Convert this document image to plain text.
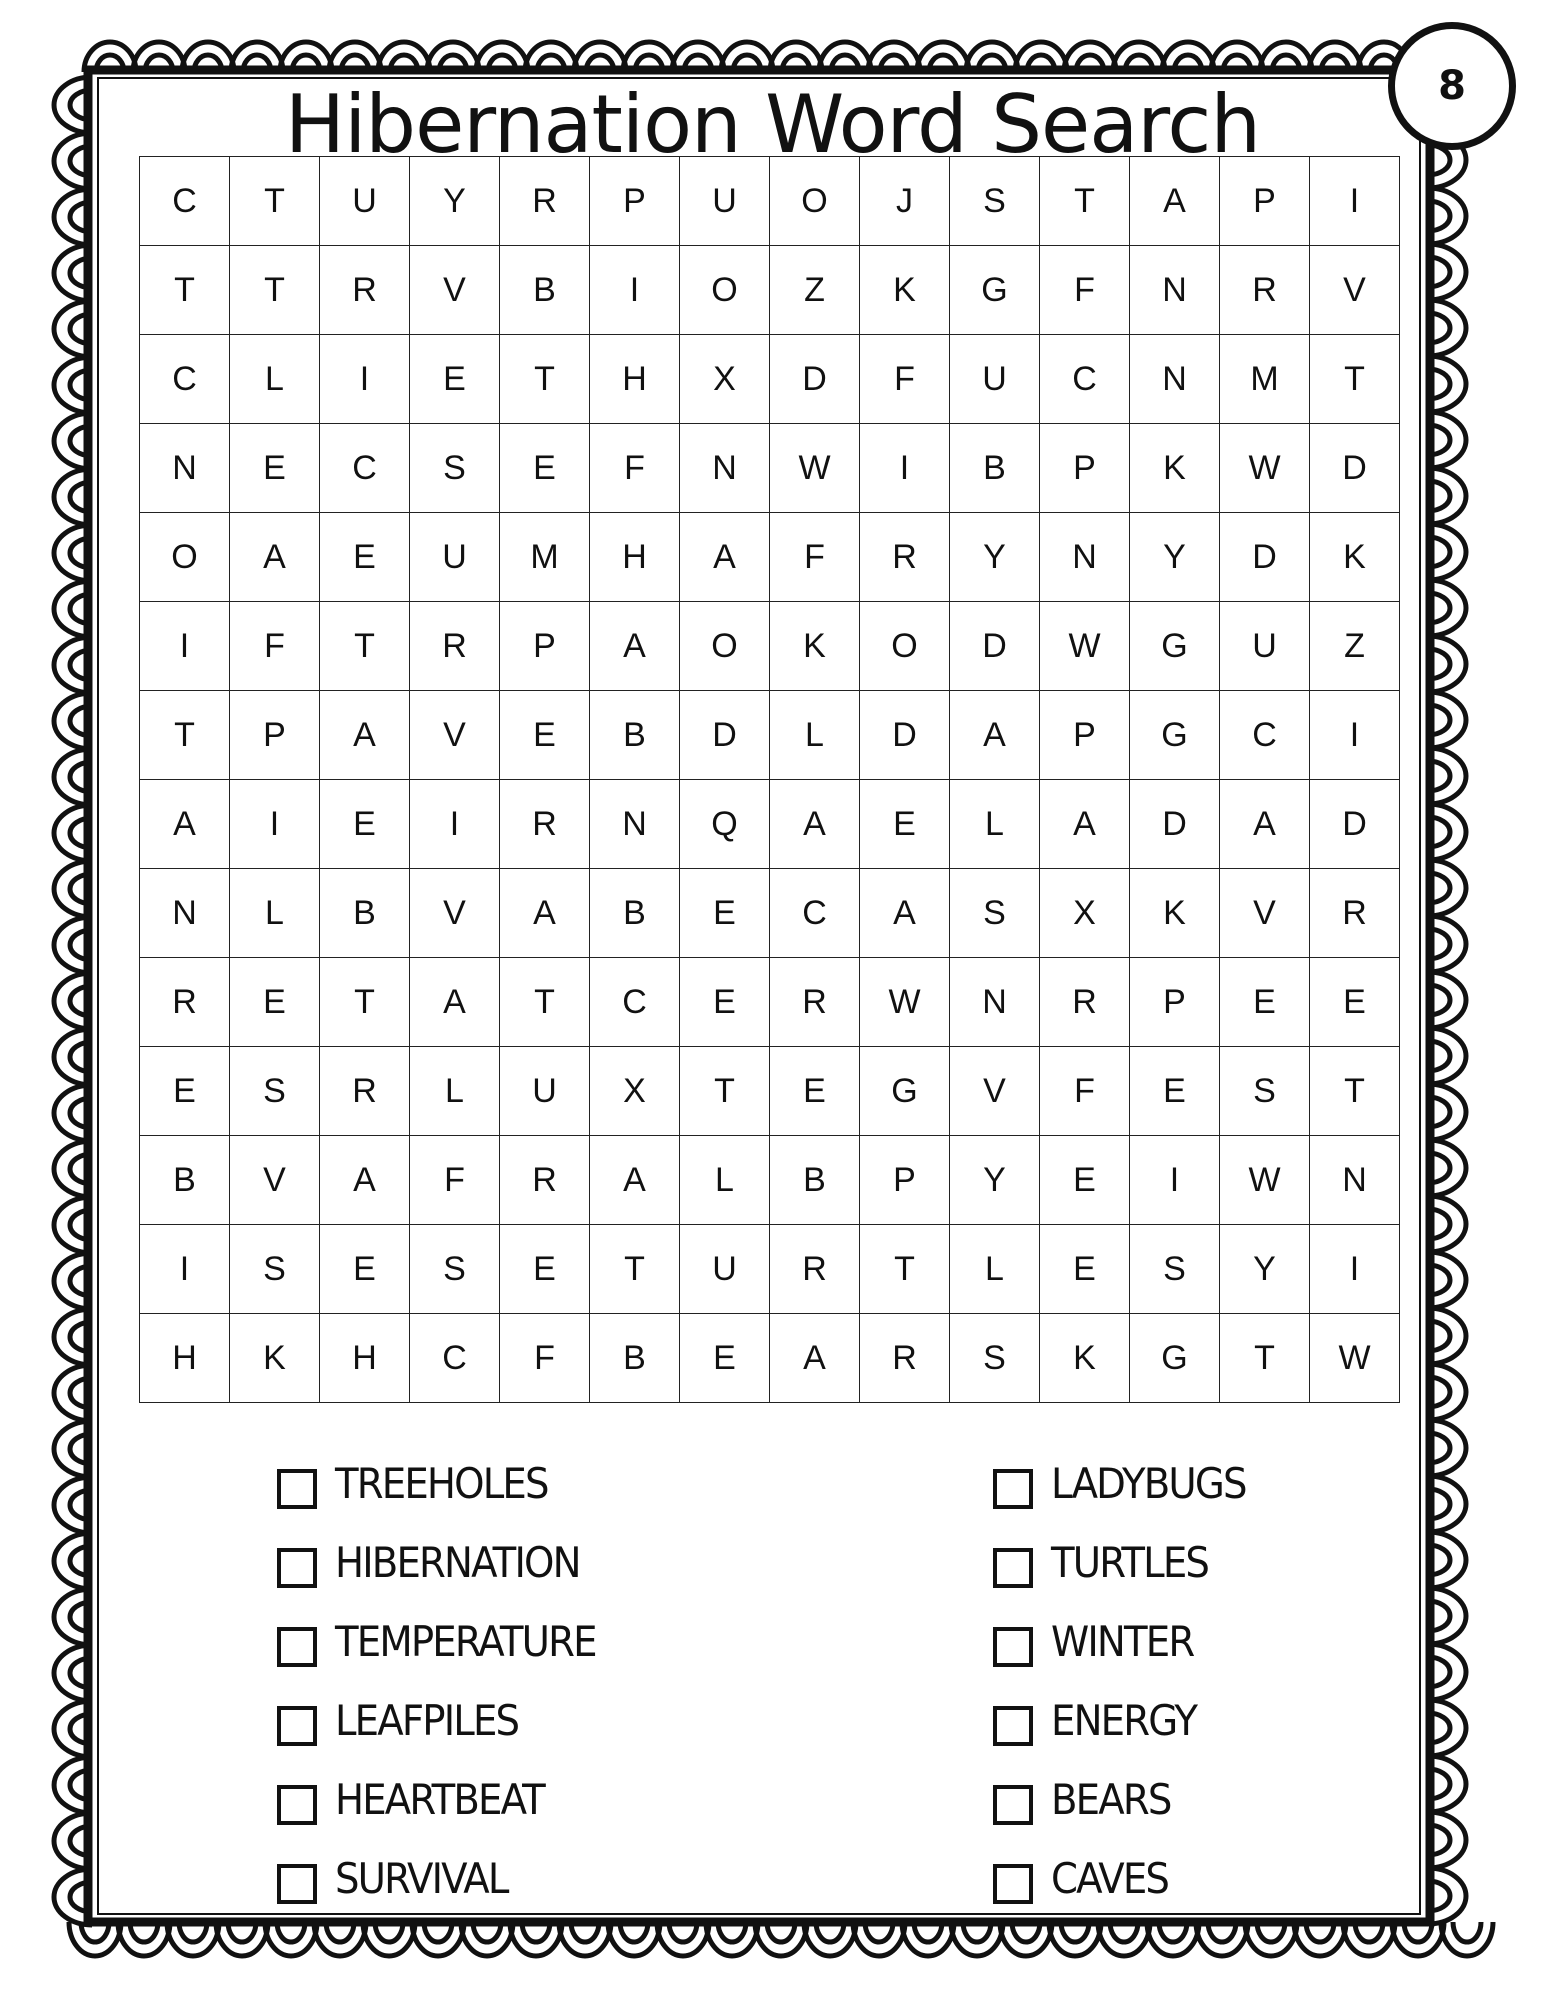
Hibernation Word Search	8
C	T	U	Y	R	P	U	O	J	S	T	A	P	I
T	T	R	V	B	I	O	Z	K	G	F	N	R	V
C	L	I	E	T	H	X	D	F	U	C	N	M	T
N	E	C	S	E	F	N	W	I	B	P	K	W	D
O	A	E	U	M	H	A	F	R	Y	N	Y	D	K
I	F	T	R	P	A	O	K	O	D	W	G	U	Z
T	P	A	V	E	B	D	L	D	A	P	G	C	I
A	I	E	I	R	N	Q	A	E	L	A	D	A	D
N	L	B	V	A	B	E	C	A	S	X	K	V	R
R	E	T	A	T	C	E	R	W	N	R	P	E	E
E	S	R	L	U	X	T	E	G	V	F	E	S	T
B	V	A	F	R	A	L	B	P	Y	E	I	W	N
I	S	E	S	E	T	U	R	T	L	E	S	Y	I
H	K	H	C	F	B	E	A	R	S	K	G	T	W
TREEHOLES
HIBERNATION
TEMPERATURE
LEAFPILES
HEARTBEAT
SURVIVAL
LADYBUGS
TURTLES
WINTER
ENERGY
BEARS
CAVES
